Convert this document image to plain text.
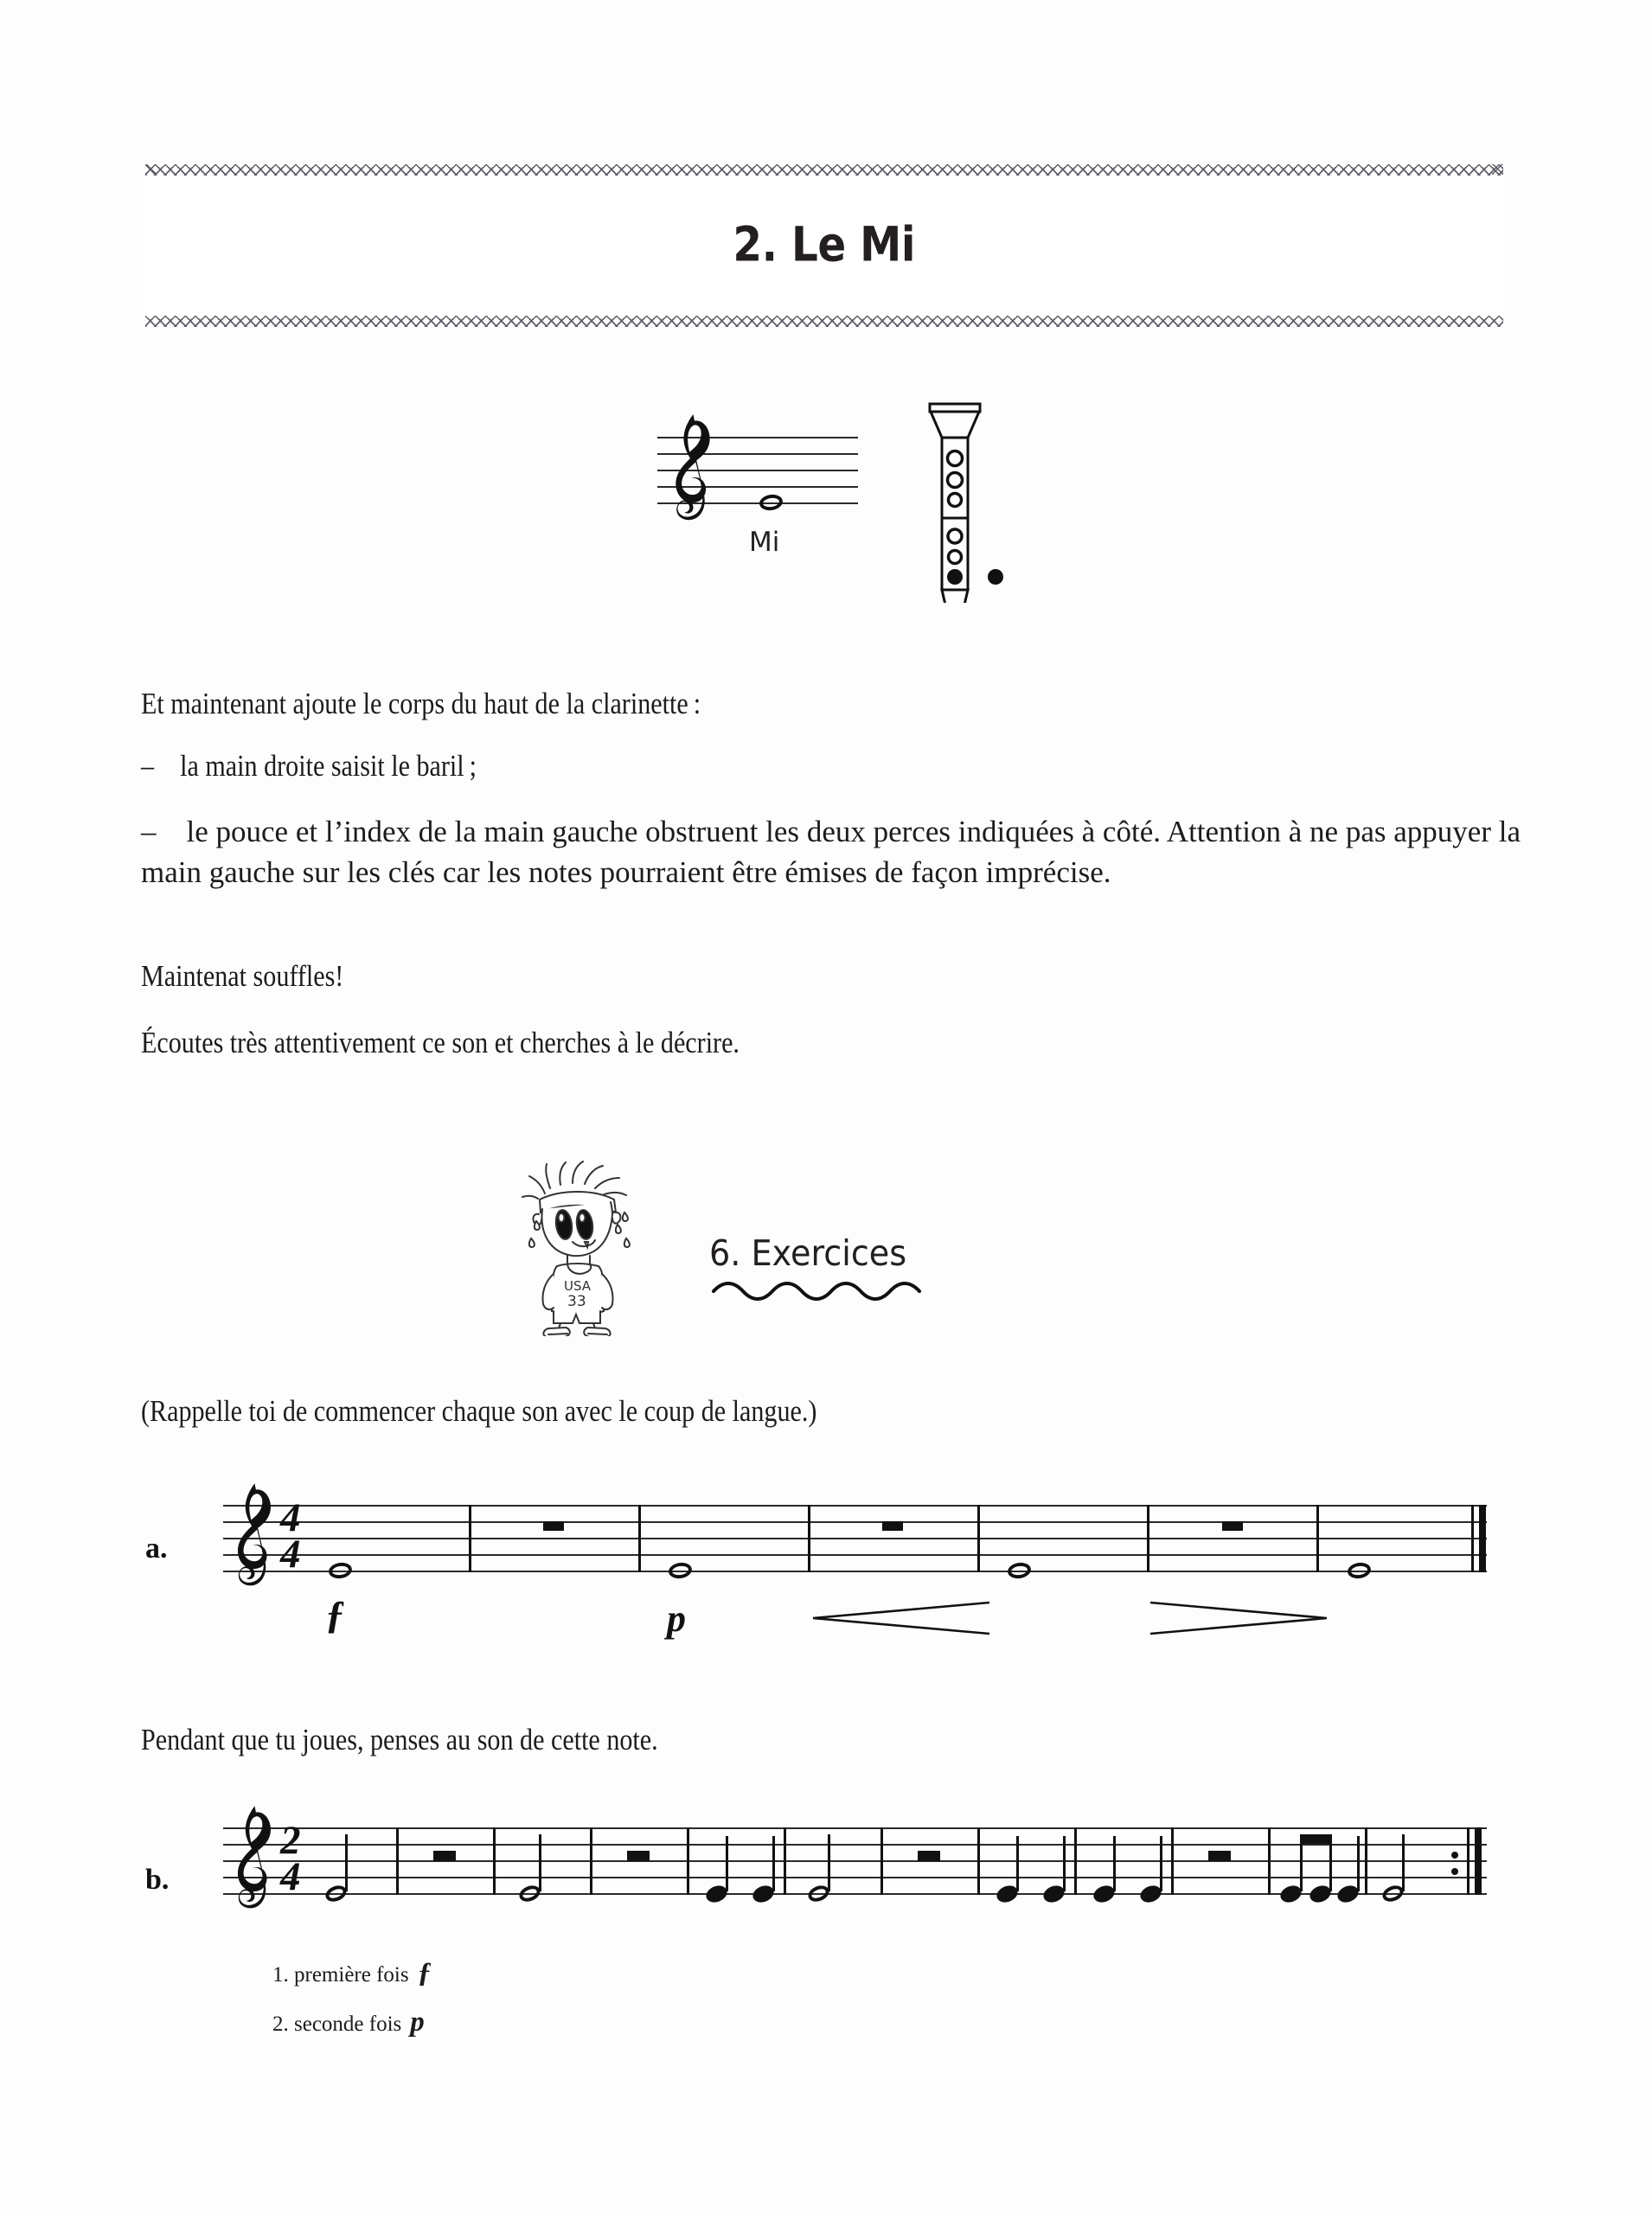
2. Le Mi
Mi
Et maintenant ajoute le corps du haut de la clarinette :
– la main droite saisit le baril ;
– le pouce et l’index de la main gauche obstruent les deux perces indiquées à côté. Attention à ne pas appuyer la main gauche sur les clés car les notes pourraient être émises de façon imprécise.
Maintenat souffles!
Écoutes très attentivement ce son et cherches à le décrire.
USA
33
6. Exercices
(Rappelle toi de commencer chaque son avec le coup de langue.)
a.
4
4
ƒ	p
Pendant que tu joues, penses au son de cette note.
b.
2
4
1. première fois ƒ
2. seconde fois p
